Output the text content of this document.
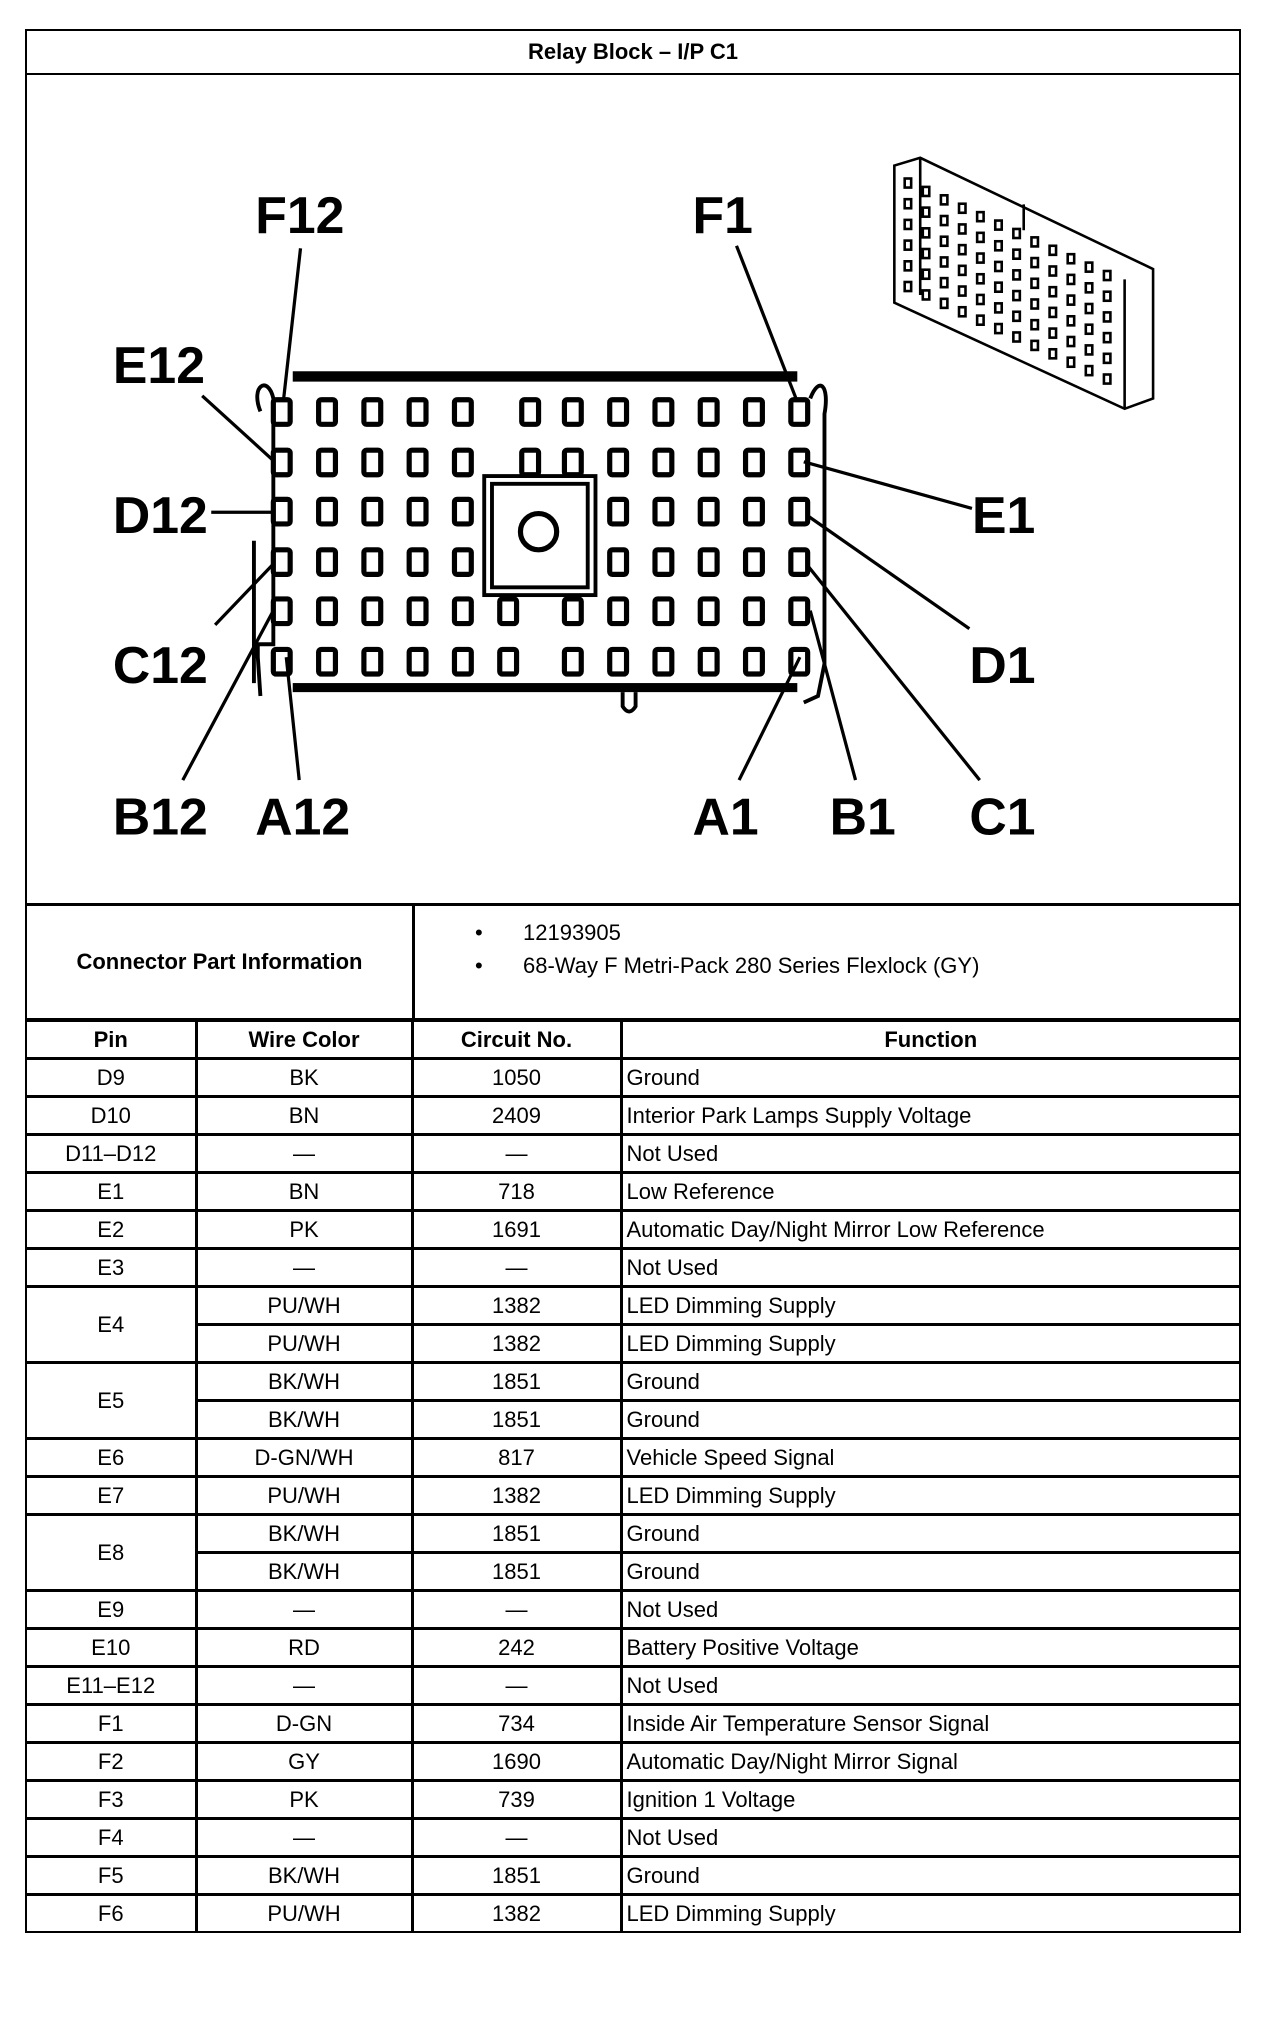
Relay Block – I/P C1
F12	F1
E12
E1
D12
D1
C12
C1
B12 A12	A1 B1
Connector Part Information
• 12193905
• 68-Way F Metri-Pack 280 Series Flexlock (GY)
Pin	Wire Color	Circuit No.	Function
D9	BK	1050	Ground
D10	BN	2409	Interior Park Lamps Supply Voltage
D11–D12	—	—	Not Used
E1	BN	718	Low Reference
E2	PK	1691	Automatic Day/Night Mirror Low Reference
E3	—	—	Not Used
E4	PU/WH	1382	LED Dimming Supply
	PU/WH	1382	LED Dimming Supply
E5	BK/WH	1851	Ground
	BK/WH	1851	Ground
E6	D-GN/WH	817	Vehicle Speed Signal
E7	PU/WH	1382	LED Dimming Supply
E8	BK/WH	1851	Ground
	BK/WH	1851	Ground
E9	—	—	Not Used
E10	RD	242	Battery Positive Voltage
E11–E12	—	—	Not Used
F1	D-GN	734	Inside Air Temperature Sensor Signal
F2	GY	1690	Automatic Day/Night Mirror Signal
F3	PK	739	Ignition 1 Voltage
F4	—	—	Not Used
F5	BK/WH	1851	Ground
F6	PU/WH	1382	LED Dimming Supply
